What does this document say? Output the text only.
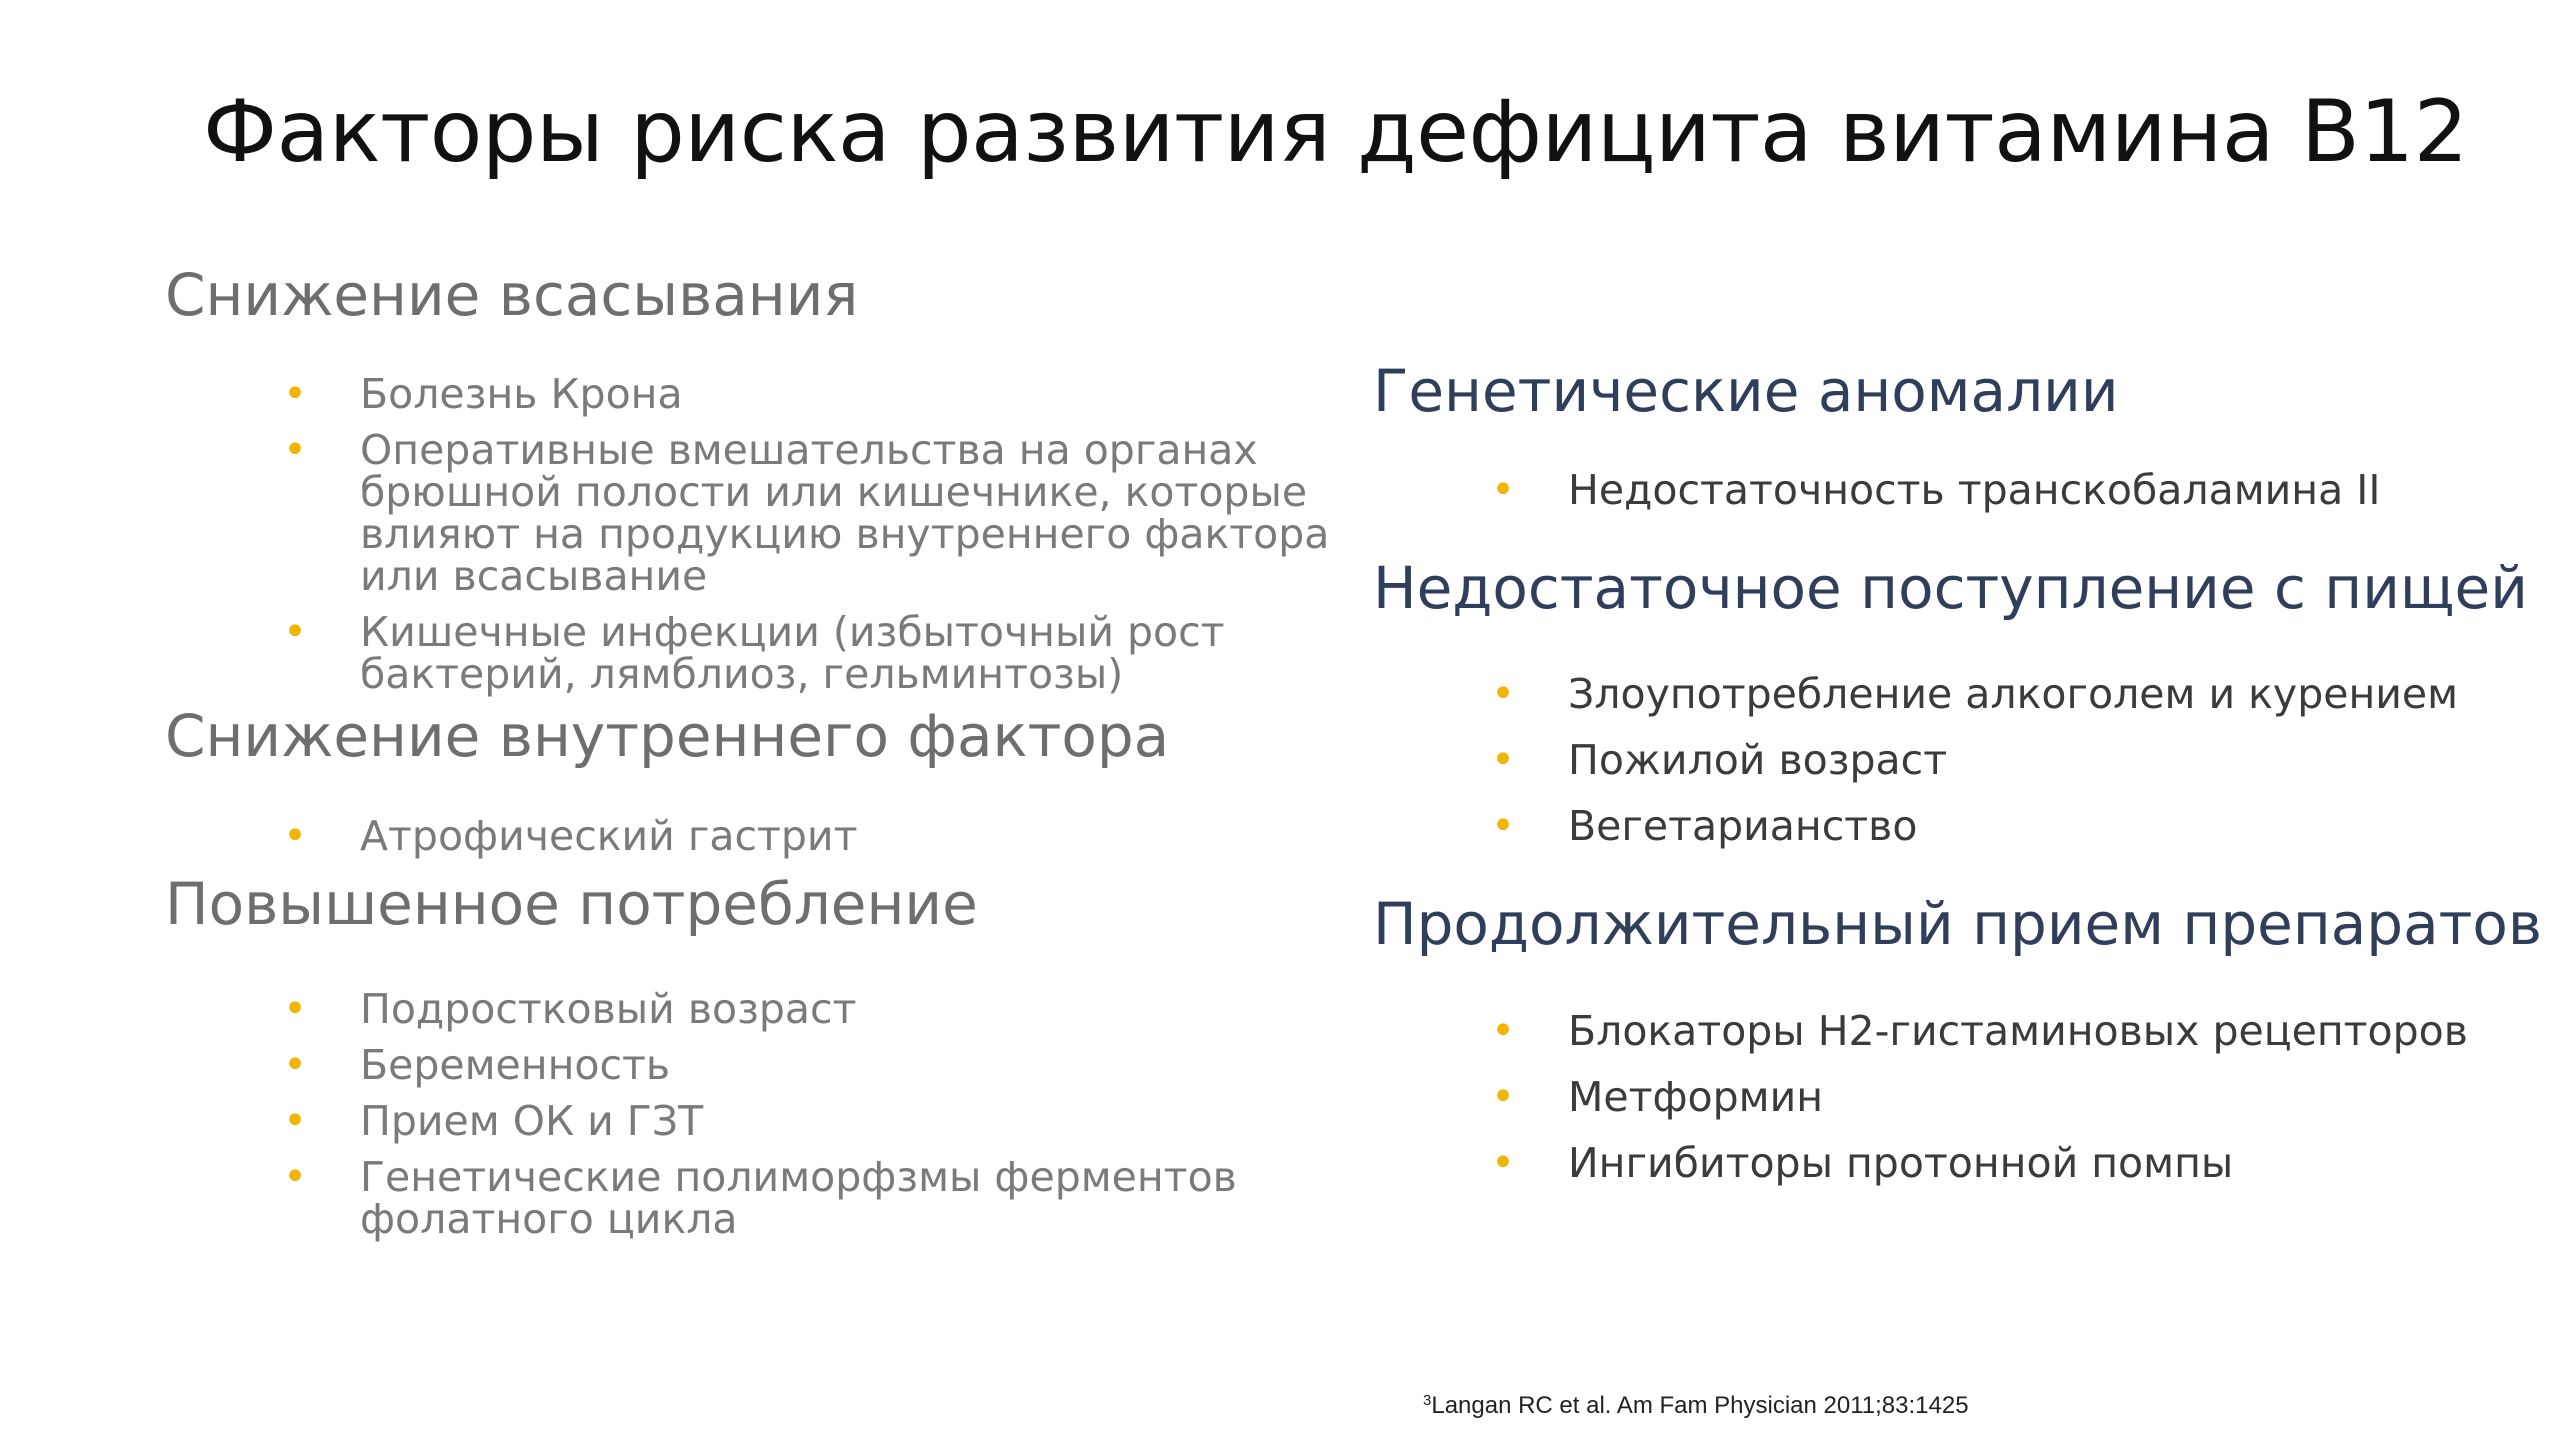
Факторы риска развития дефицита витамина B12
Снижение всасывания
• Болезнь Крона
• Оперативные вмешательства на органах
брюшной полости или кишечнике, которые
влияют на продукцию внутреннего фактора
или всасывание
• Кишечные инфекции (избыточный рост
бактерий, лямблиоз, гельминтозы)
Снижение внутреннего фактора
• Атрофический гастрит
Повышенное потребление
• Подростковый возраст
• Беременность
• Прием ОК и ГЗТ
• Генетические полиморфзмы ферментов
фолатного цикла
Генетические аномалии
• Недостаточность транскобаламина II
Недостаточное поступление с пищей
• Злоупотребление алкоголем и курением
• Пожилой возраст
• Вегетарианство
Продолжительный прием препаратов
• Блокаторы Н2-гистаминовых рецепторов
• Метформин
• Ингибиторы протонной помпы
$^3$Langan RC et al. Am Fam Physician 2011;83:1425
